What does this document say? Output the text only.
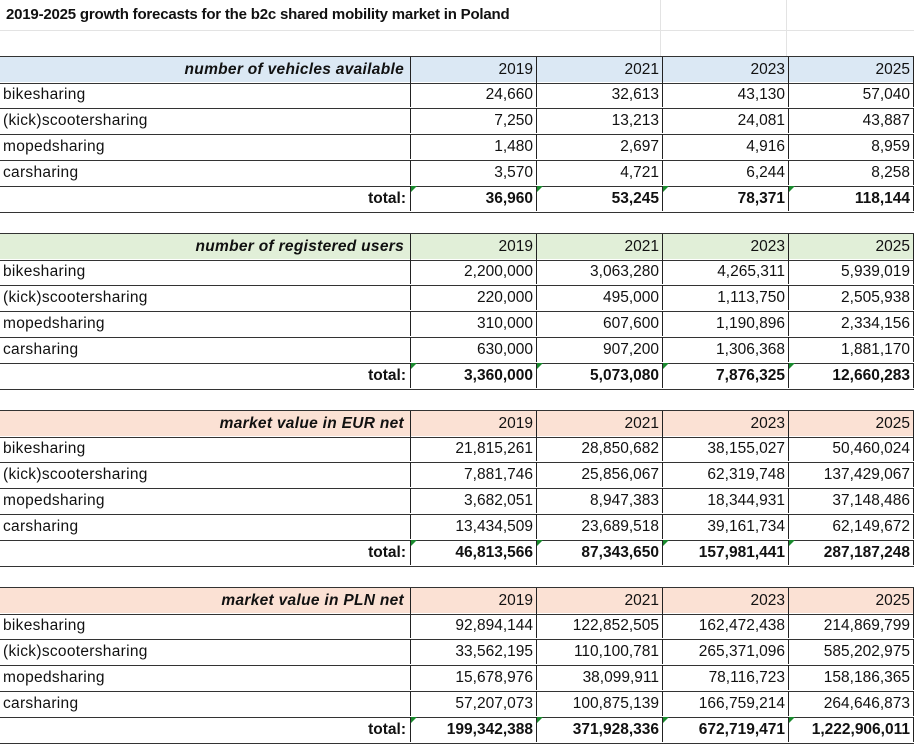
2019-2025 growth forecasts for the b2c shared mobility market in Poland
number of vehicles available	2019	2021	2023	2025
bikesharing	24,660	32,613	43,130	57,040
(kick)scootersharing	7,250	13,213	24,081	43,887
mopedsharing	1,480	2,697	4,916	8,959
carsharing	3,570	4,721	6,244	8,258
total:	36,960	53,245	78,371	118,144
number of registered users	2019	2021	2023	2025
bikesharing	2,200,000	3,063,280	4,265,311	5,939,019
(kick)scootersharing	220,000	495,000	1,113,750	2,505,938
mopedsharing	310,000	607,600	1,190,896	2,334,156
carsharing	630,000	907,200	1,306,368	1,881,170
total:	3,360,000	5,073,080	7,876,325	12,660,283
market value in EUR net	2019	2021	2023	2025
bikesharing	21,815,261	28,850,682	38,155,027	50,460,024
(kick)scootersharing	7,881,746	25,856,067	62,319,748	137,429,067
mopedsharing	3,682,051	8,947,383	18,344,931	37,148,486
carsharing	13,434,509	23,689,518	39,161,734	62,149,672
total:	46,813,566	87,343,650	157,981,441	287,187,248
market value in PLN net	2019	2021	2023	2025
bikesharing	92,894,144	122,852,505	162,472,438	214,869,799
(kick)scootersharing	33,562,195	110,100,781	265,371,096	585,202,975
mopedsharing	15,678,976	38,099,911	78,116,723	158,186,365
carsharing	57,207,073	100,875,139	166,759,214	264,646,873
total:	199,342,388	371,928,336	672,719,471	1,222,906,011
